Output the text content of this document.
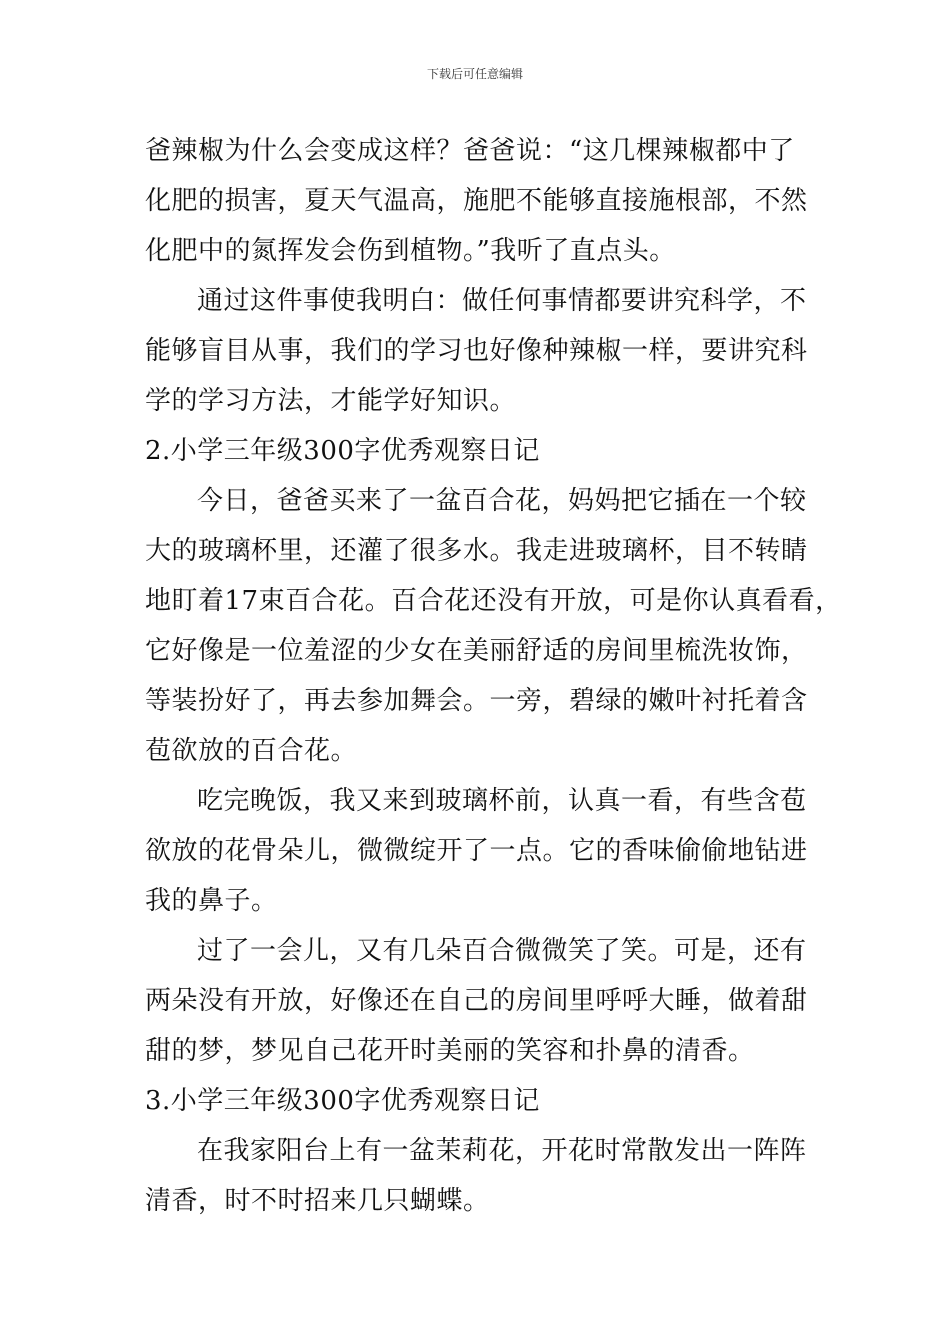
下载后可任意编辑
爸辣椒为什么会变成这样？爸爸说：“这几棵辣椒都中了
化肥的损害，夏天气温高，施肥不能够直接施根部，不然
化肥中的氮挥发会伤到植物。”我听了直点头。
通过这件事使我明白：做任何事情都要讲究科学，不
能够盲目从事，我们的学习也好像种辣椒一样，要讲究科
学的学习方法，才能学好知识。
2.小学三年级300字优秀观察日记
今日，爸爸买来了一盆百合花，妈妈把它插在一个较
大的玻璃杯里，还灌了很多水。我走进玻璃杯，目不转睛
地盯着17束百合花。百合花还没有开放，可是你认真看看，
它好像是一位羞涩的少女在美丽舒适的房间里梳洗妆饰，
等装扮好了，再去参加舞会。一旁，碧绿的嫩叶衬托着含
苞欲放的百合花。
吃完晚饭，我又来到玻璃杯前，认真一看，有些含苞
欲放的花骨朵儿，微微绽开了一点。它的香味偷偷地钻进
我的鼻子。
过了一会儿，又有几朵百合微微笑了笑。可是，还有
两朵没有开放，好像还在自己的房间里呼呼大睡，做着甜
甜的梦，梦见自己花开时美丽的笑容和扑鼻的清香。
3.小学三年级300字优秀观察日记
在我家阳台上有一盆茉莉花，开花时常散发出一阵阵
清香，时不时招来几只蝴蝶。
